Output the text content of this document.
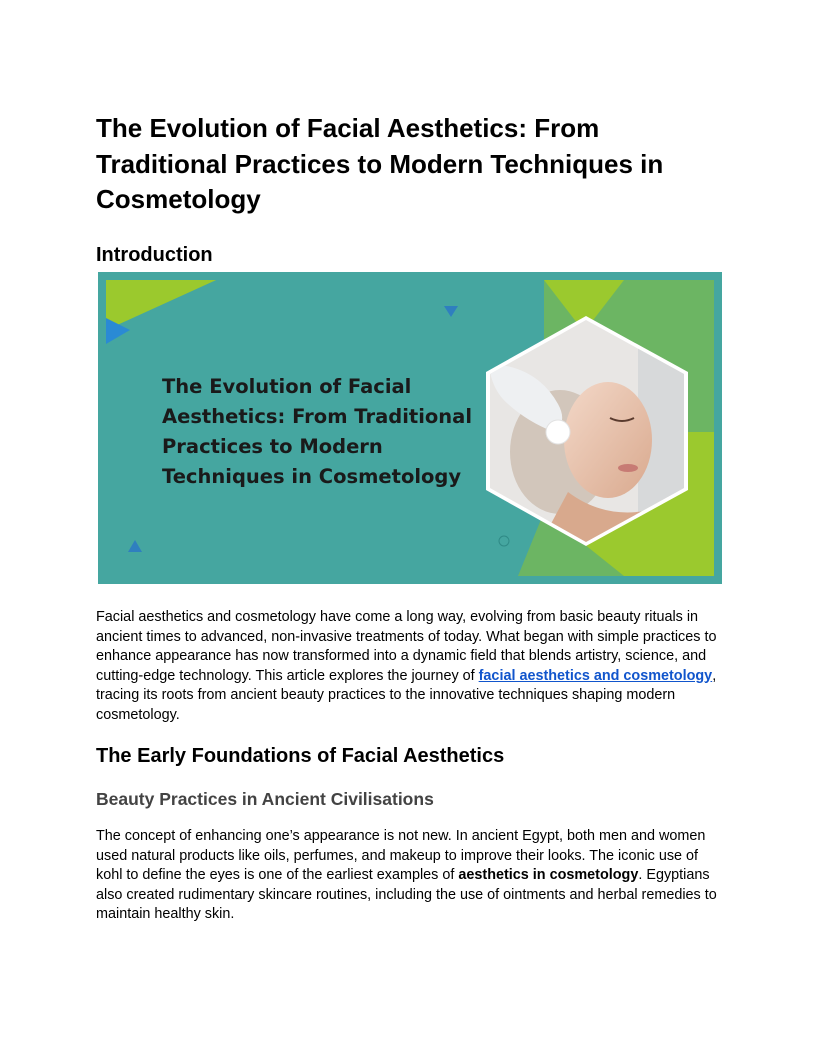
The Evolution of Facial Aesthetics: From Traditional Practices to Modern Techniques in Cosmetology
Introduction
The Evolution of Facial Aesthetics: From Traditional Practices to Modern Techniques in Cosmetology

Facial aesthetics and cosmetology have come a long way, evolving from basic beauty rituals in ancient times to advanced, non-invasive treatments of today. What began with simple practices to enhance appearance has now transformed into a dynamic field that blends artistry, science, and cutting-edge technology. This article explores the journey of facial aesthetics and cosmetology, tracing its roots from ancient beauty practices to the innovative techniques shaping modern cosmetology.

The Early Foundations of Facial Aesthetics
Beauty Practices in Ancient Civilisations

The concept of enhancing one’s appearance is not new. In ancient Egypt, both men and women used natural products like oils, perfumes, and makeup to improve their looks. The iconic use of kohl to define the eyes is one of the earliest examples of aesthetics in cosmetology. Egyptians also created rudimentary skincare routines, including the use of ointments and herbal remedies to maintain healthy skin.
